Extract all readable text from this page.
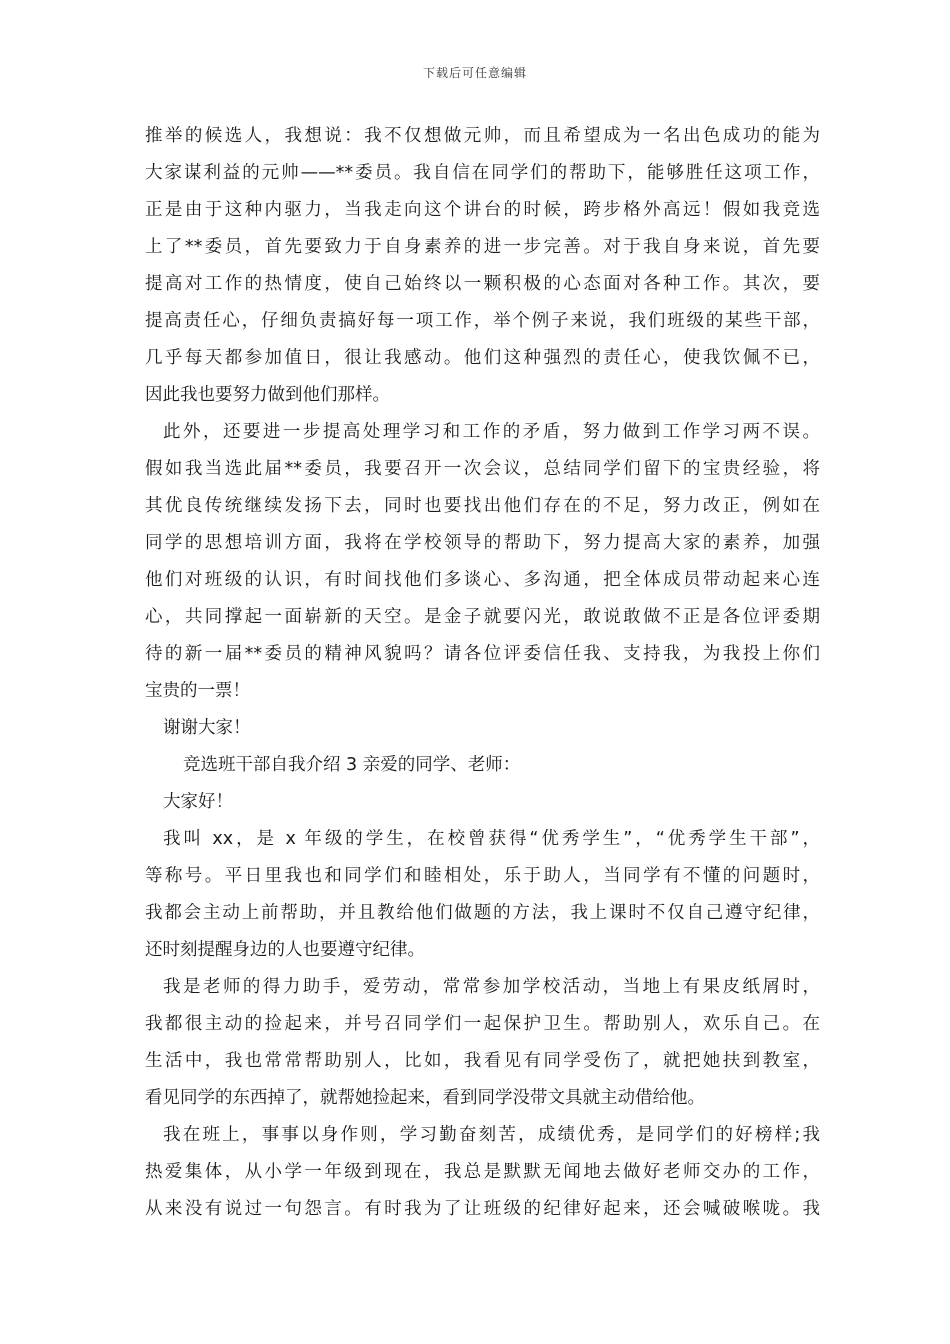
下载后可任意编辑
推举的候选人，我想说：我不仅想做元帅，而且希望成为一名出色成功的能为
大家谋利益的元帅——**委员。我自信在同学们的帮助下，能够胜任这项工作，
正是由于这种内驱力，当我走向这个讲台的时候，跨步格外高远！假如我竞选
上了**委员，首先要致力于自身素养的进一步完善。对于我自身来说，首先要
提高对工作的热情度，使自己始终以一颗积极的心态面对各种工作。其次，要
提高责任心，仔细负责搞好每一项工作，举个例子来说，我们班级的某些干部，
几乎每天都参加值日，很让我感动。他们这种强烈的责任心，使我饮佩不已，
因此我也要努力做到他们那样。
此外，还要进一步提高处理学习和工作的矛盾，努力做到工作学习两不误。
假如我当选此届**委员，我要召开一次会议，总结同学们留下的宝贵经验，将
其优良传统继续发扬下去，同时也要找出他们存在的不足，努力改正，例如在
同学的思想培训方面，我将在学校领导的帮助下，努力提高大家的素养，加强
他们对班级的认识，有时间找他们多谈心、多沟通，把全体成员带动起来心连
心，共同撑起一面崭新的天空。是金子就要闪光，敢说敢做不正是各位评委期
待的新一届**委员的精神风貌吗？请各位评委信任我、支持我，为我投上你们
宝贵的一票！
谢谢大家！
竞选班干部自我介绍 3 亲爱的同学、老师：
大家好！
我叫 xx，是 x 年级的学生，在校曾获得“优秀学生”，“优秀学生干部”，
等称号。平日里我也和同学们和睦相处，乐于助人，当同学有不懂的问题时，
我都会主动上前帮助，并且教给他们做题的方法，我上课时不仅自己遵守纪律，
还时刻提醒身边的人也要遵守纪律。
我是老师的得力助手，爱劳动，常常参加学校活动，当地上有果皮纸屑时，
我都很主动的捡起来，并号召同学们一起保护卫生。帮助别人，欢乐自己。在
生活中，我也常常帮助别人，比如，我看见有同学受伤了，就把她扶到教室，
看见同学的东西掉了，就帮她捡起来，看到同学没带文具就主动借给他。
我在班上，事事以身作则，学习勤奋刻苦，成绩优秀，是同学们的好榜样;我
热爱集体，从小学一年级到现在，我总是默默无闻地去做好老师交办的工作，
从来没有说过一句怨言。有时我为了让班级的纪律好起来，还会喊破喉咙。我
